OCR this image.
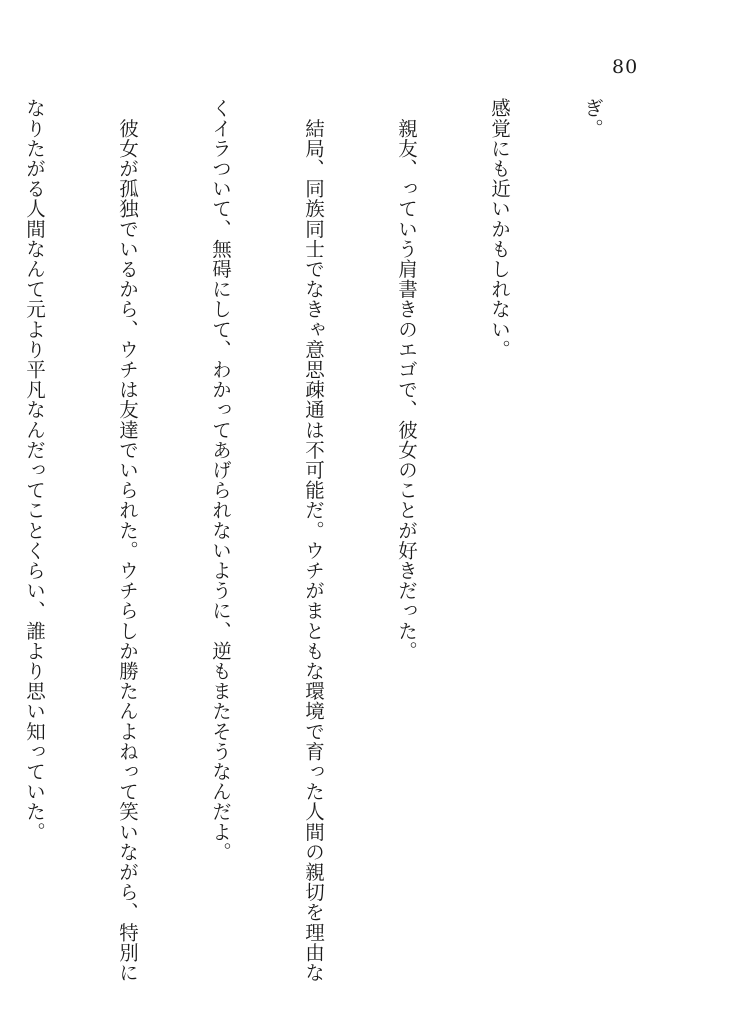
80

ぎ。

感覚にも近いかもしれない。

　親友、っていう肩書きのエゴで、彼女のことが好きだった。

　結局、同族同士でなきゃ意思疎通は不可能だ。ウチがまともな環境で育った人間の親切を理由な

くイラついて、無碍にして、わかってあげられないように、逆もまたそうなんだよ。

　彼女が孤独でいるから、ウチは友達でいられた。ウチらしか勝たんよねって笑いながら、特別に

なりたがる人間なんて元より平凡なんだってことくらい、誰より思い知っていた。
